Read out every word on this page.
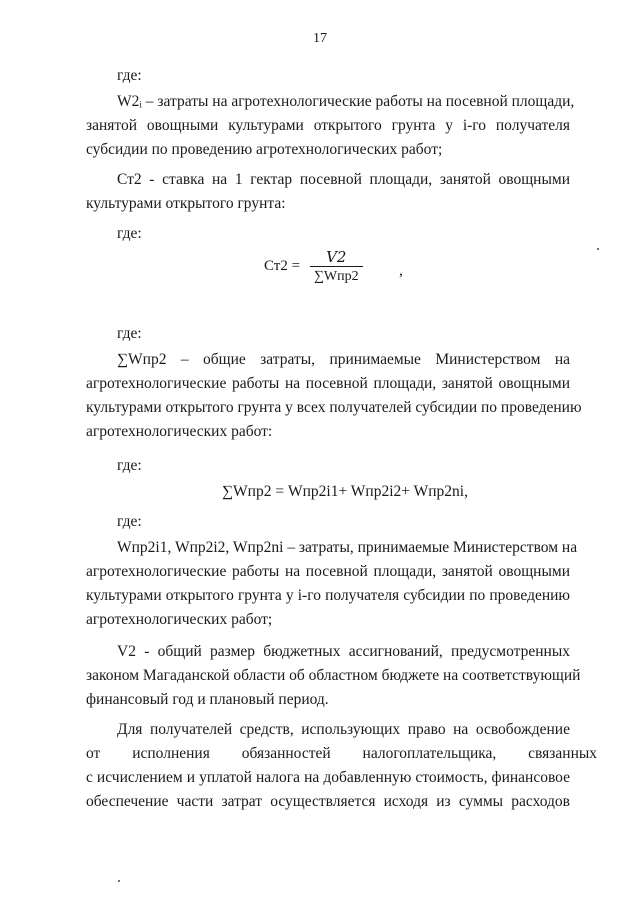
17
где:
W2ᵢ – затраты на агротехнологические работы на посевной площади,
занятой овощными культурами открытого грунта у i-го получателя
субсидии по проведению агротехнологических работ;
Ст2 - ставка на 1 гектар посевной площади, занятой овощными
культурами открытого грунта:
где:
$Ст2 = \frac{V2}{\text{∑Wпр2}}$ ,
где:
∑Wпр2 – общие затраты, принимаемые Министерством на
агротехнологические работы на посевной площади, занятой овощными
культурами открытого грунта у всех получателей субсидии по проведению
агротехнологических работ:
где:
∑Wпр2 = Wпр2i1+ Wпр2i2+ Wпр2ni,
где:
Wпр2i1, Wпр2i2, Wпр2ni – затраты, принимаемые Министерством на
агротехнологические работы на посевной площади, занятой овощными
культурами открытого грунта у i-го получателя субсидии по проведению
агротехнологических работ;
V2 - общий размер бюджетных ассигнований, предусмотренных
законом Магаданской области об областном бюджете на соответствующий
финансовый год и плановый период.
Для получателей средств, использующих право на освобождение
от исполнения обязанностей налогоплательщика, связанных
с исчислением и уплатой налога на добавленную стоимость, финансовое
обеспечение части затрат осуществляется исходя из суммы расходов
